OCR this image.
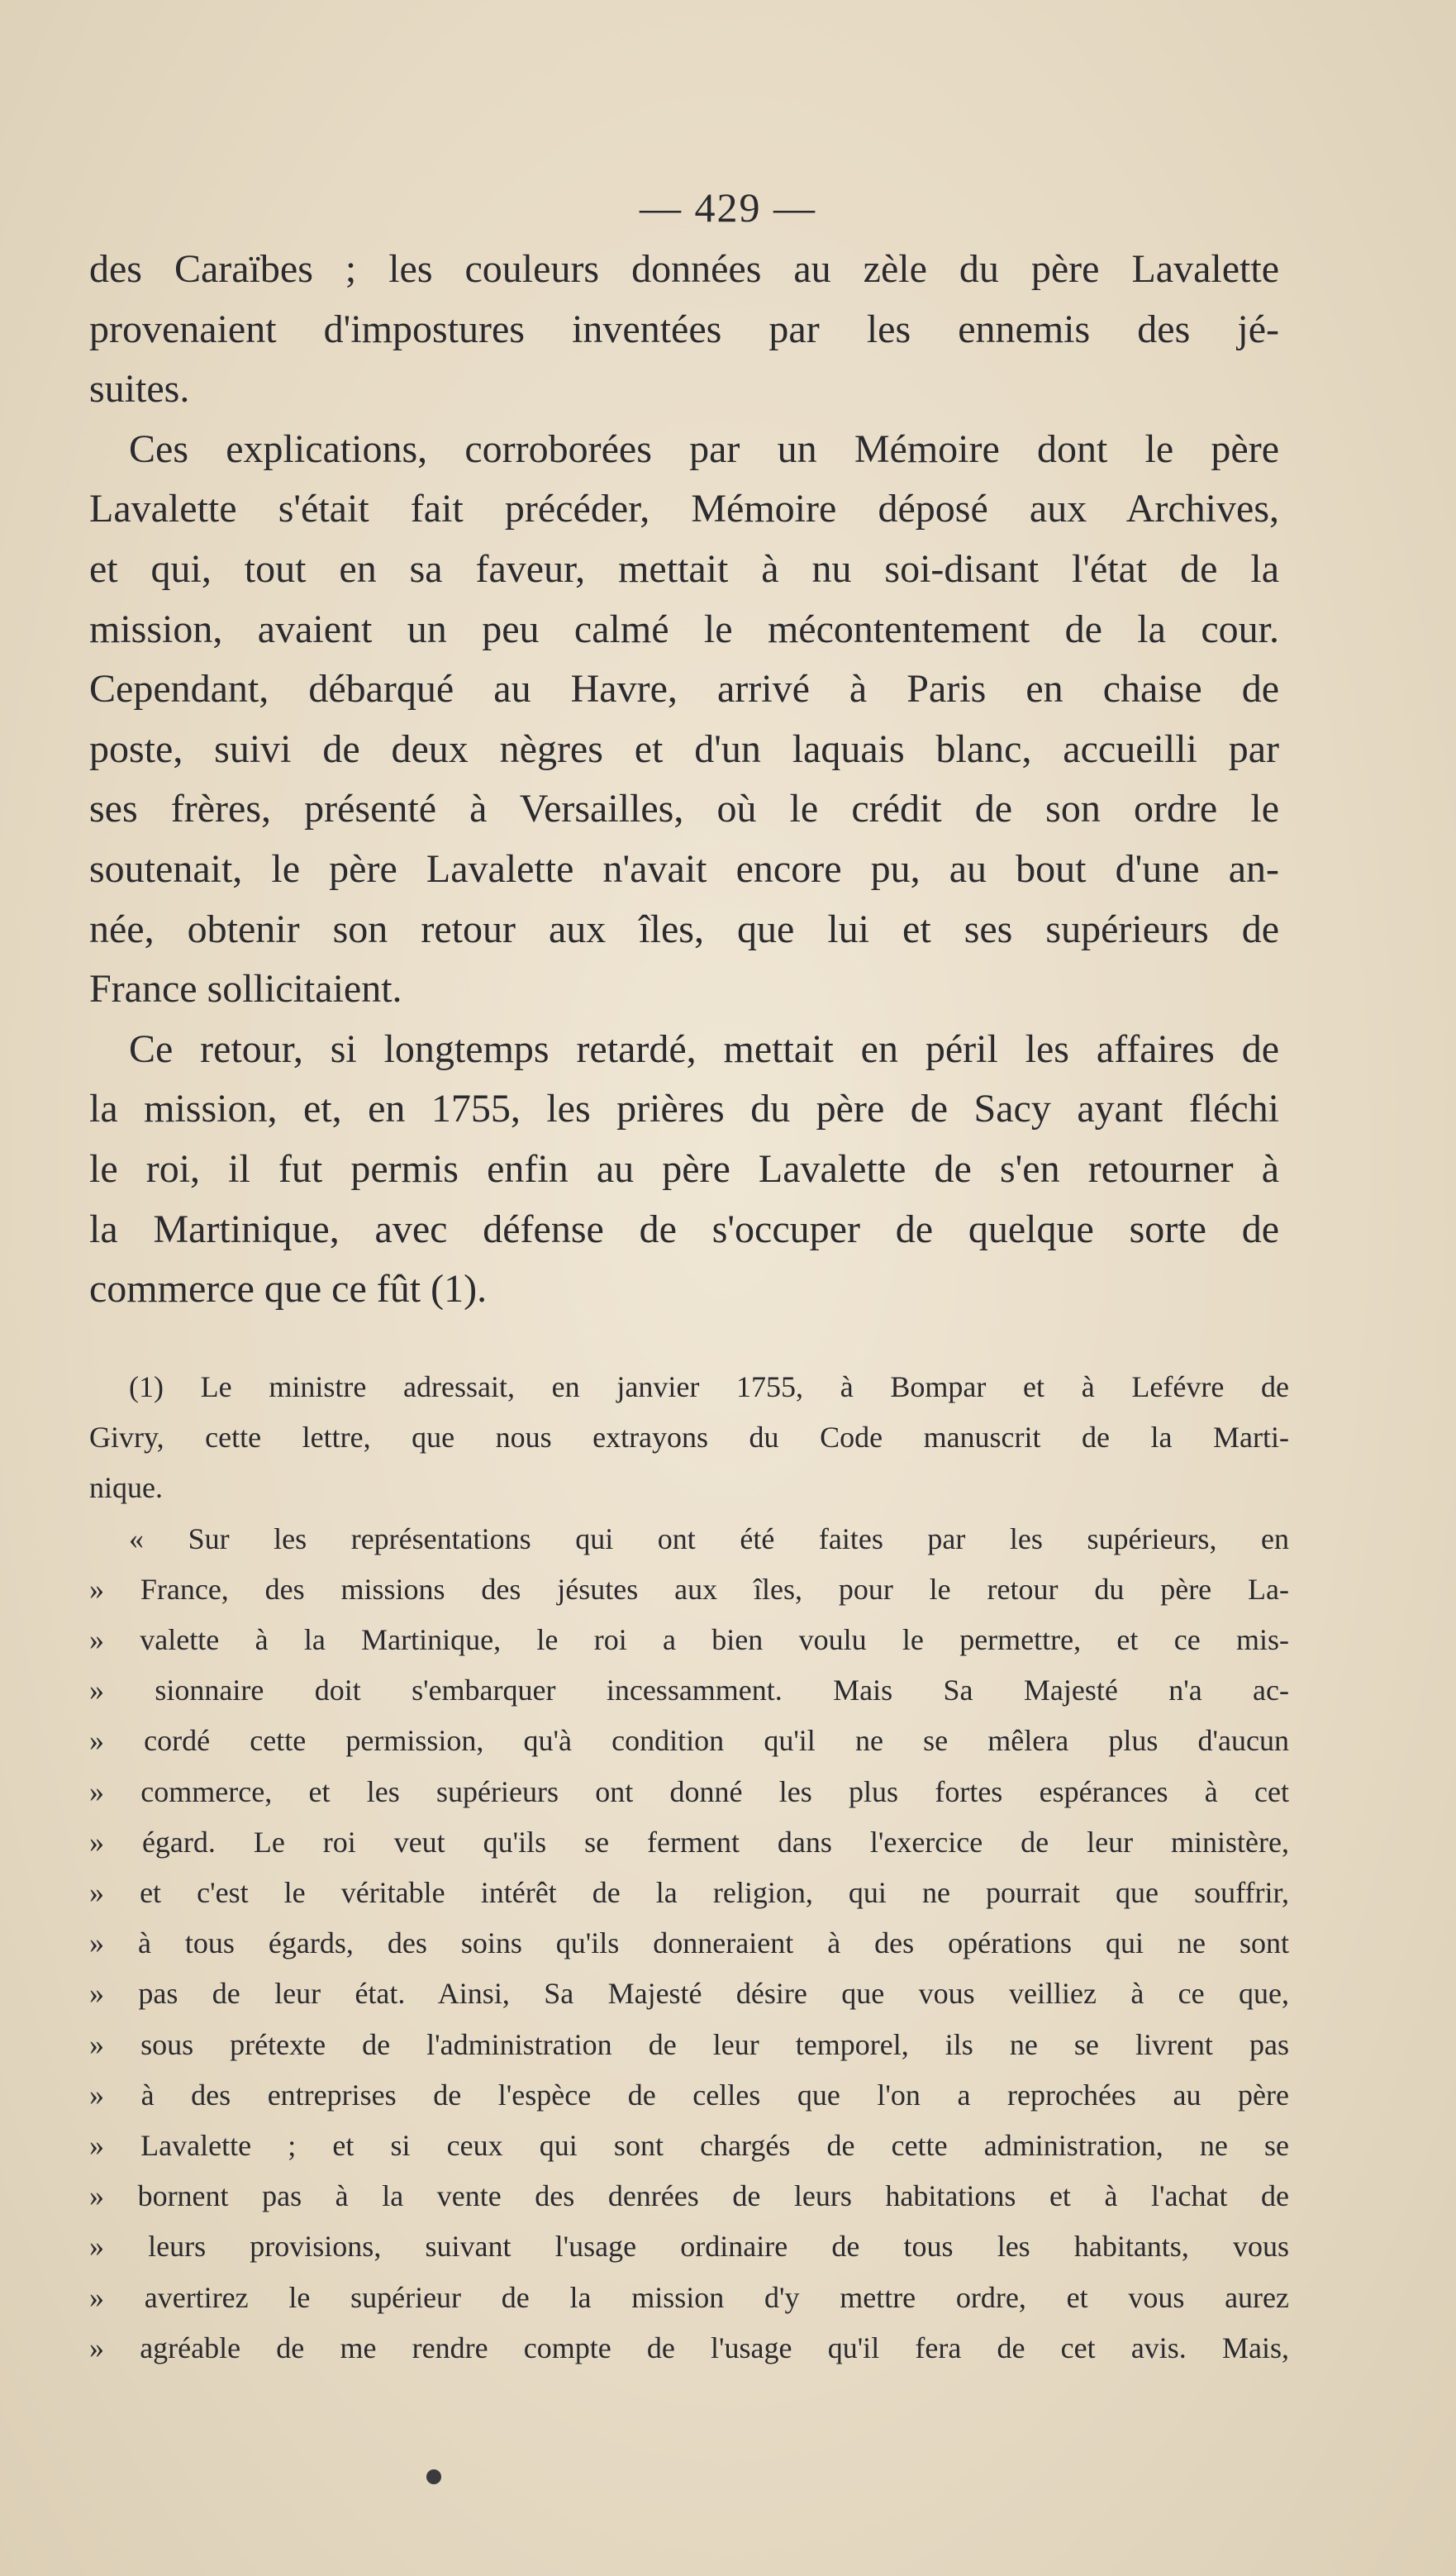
— 429 —
des Caraïbes ; les couleurs données au zèle du père Lavalette
provenaient d'impostures inventées par les ennemis des jé-
suites.
Ces explications, corroborées par un Mémoire dont le père
Lavalette s'était fait précéder, Mémoire déposé aux Archives,
et qui, tout en sa faveur, mettait à nu soi-disant l'état de la
mission, avaient un peu calmé le mécontentement de la cour.
Cependant, débarqué au Havre, arrivé à Paris en chaise de
poste, suivi de deux nègres et d'un laquais blanc, accueilli par
ses frères, présenté à Versailles, où le crédit de son ordre le
soutenait, le père Lavalette n'avait encore pu, au bout d'une an-
née, obtenir son retour aux îles, que lui et ses supérieurs de
France sollicitaient.
Ce retour, si longtemps retardé, mettait en péril les affaires de
la mission, et, en 1755, les prières du père de Sacy ayant fléchi
le roi, il fut permis enfin au père Lavalette de s'en retourner à
la Martinique, avec défense de s'occuper de quelque sorte de
commerce que ce fût (1).
(1) Le ministre adressait, en janvier 1755, à Bompar et à Lefévre de
Givry, cette lettre, que nous extrayons du Code manuscrit de la Marti-
nique.
« Sur les représentations qui ont été faites par les supérieurs, en
» France, des missions des jésutes aux îles, pour le retour du père La-
» valette à la Martinique, le roi a bien voulu le permettre, et ce mis-
» sionnaire doit s'embarquer incessamment. Mais Sa Majesté n'a ac-
» cordé cette permission, qu'à condition qu'il ne se mêlera plus d'aucun
» commerce, et les supérieurs ont donné les plus fortes espérances à cet
» égard. Le roi veut qu'ils se ferment dans l'exercice de leur ministère,
» et c'est le véritable intérêt de la religion, qui ne pourrait que souffrir,
» à tous égards, des soins qu'ils donneraient à des opérations qui ne sont
» pas de leur état. Ainsi, Sa Majesté désire que vous veilliez à ce que,
» sous prétexte de l'administration de leur temporel, ils ne se livrent pas
» à des entreprises de l'espèce de celles que l'on a reprochées au père
» Lavalette ; et si ceux qui sont chargés de cette administration, ne se
» bornent pas à la vente des denrées de leurs habitations et à l'achat de
» leurs provisions, suivant l'usage ordinaire de tous les habitants, vous
» avertirez le supérieur de la mission d'y mettre ordre, et vous aurez
» agréable de me rendre compte de l'usage qu'il fera de cet avis. Mais,
